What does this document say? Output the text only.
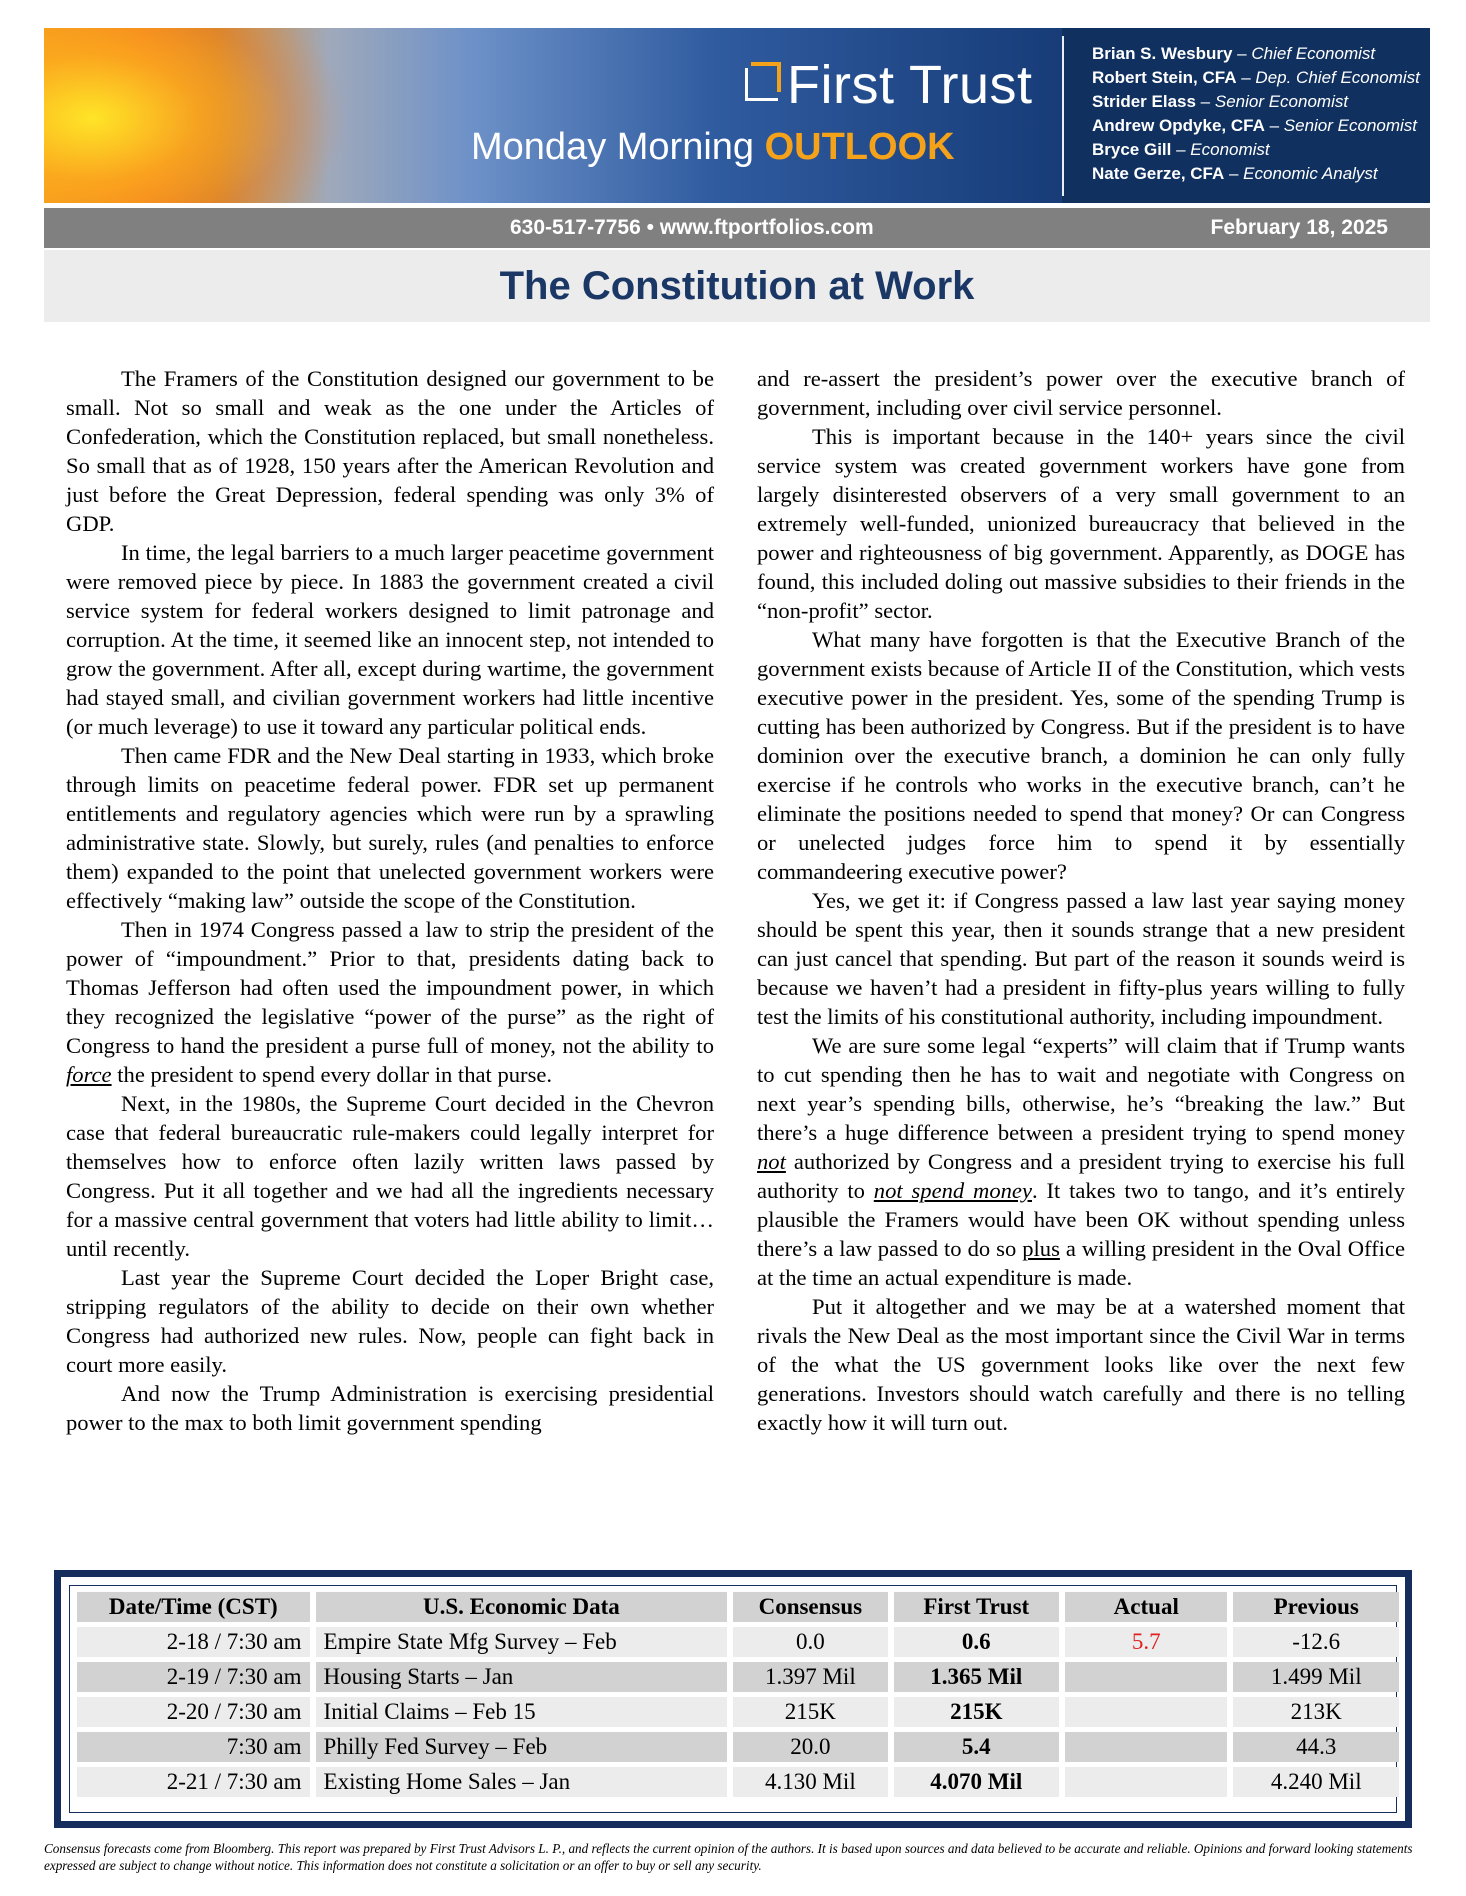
First Trust
Monday Morning OUTLOOK
Brian S. Wesbury – Chief Economist
Robert Stein, CFA – Dep. Chief Economist
Strider Elass – Senior Economist
Andrew Opdyke, CFA – Senior Economist
Bryce Gill – Economist
Nate Gerze, CFA – Economic Analyst
630-517-7756 • www.ftportfolios.com	February 18, 2025
The Constitution at Work

The Framers of the Constitution designed our government to be small. Not so small and weak as the one under the Articles of Confederation, which the Constitution replaced, but small nonetheless. So small that as of 1928, 150 years after the American Revolution and just before the Great Depression, federal spending was only 3% of GDP.

In time, the legal barriers to a much larger peacetime government were removed piece by piece. In 1883 the government created a civil service system for federal workers designed to limit patronage and corruption. At the time, it seemed like an innocent step, not intended to grow the government. After all, except during wartime, the government had stayed small, and civilian government workers had little incentive (or much leverage) to use it toward any particular political ends.

Then came FDR and the New Deal starting in 1933, which broke through limits on peacetime federal power. FDR set up permanent entitlements and regulatory agencies which were run by a sprawling administrative state. Slowly, but surely, rules (and penalties to enforce them) expanded to the point that unelected government workers were effectively “making law” outside the scope of the Constitution.

Then in 1974 Congress passed a law to strip the president of the power of “impoundment.” Prior to that, presidents dating back to Thomas Jefferson had often used the impoundment power, in which they recognized the legislative “power of the purse” as the right of Congress to hand the president a purse full of money, not the ability to force the president to spend every dollar in that purse.

Next, in the 1980s, the Supreme Court decided in the Chevron case that federal bureaucratic rule-makers could legally interpret for themselves how to enforce often lazily written laws passed by Congress. Put it all together and we had all the ingredients necessary for a massive central government that voters had little ability to limit…until recently.

Last year the Supreme Court decided the Loper Bright case, stripping regulators of the ability to decide on their own whether Congress had authorized new rules. Now, people can fight back in court more easily.

And now the Trump Administration is exercising presidential power to the max to both limit government spending

and re-assert the president’s power over the executive branch of government, including over civil service personnel.

This is important because in the 140+ years since the civil service system was created government workers have gone from largely disinterested observers of a very small government to an extremely well-funded, unionized bureaucracy that believed in the power and righteousness of big government. Apparently, as DOGE has found, this included doling out massive subsidies to their friends in the “non-profit” sector.

What many have forgotten is that the Executive Branch of the government exists because of Article II of the Constitution, which vests executive power in the president. Yes, some of the spending Trump is cutting has been authorized by Congress. But if the president is to have dominion over the executive branch, a dominion he can only fully exercise if he controls who works in the executive branch, can’t he eliminate the positions needed to spend that money? Or can Congress or unelected judges force him to spend it by essentially commandeering executive power?

Yes, we get it: if Congress passed a law last year saying money should be spent this year, then it sounds strange that a new president can just cancel that spending. But part of the reason it sounds weird is because we haven’t had a president in fifty-plus years willing to fully test the limits of his constitutional authority, including impoundment.

We are sure some legal “experts” will claim that if Trump wants to cut spending then he has to wait and negotiate with Congress on next year’s spending bills, otherwise, he’s “breaking the law.” But there’s a huge difference between a president trying to spend money not authorized by Congress and a president trying to exercise his full authority to not spend money. It takes two to tango, and it’s entirely plausible the Framers would have been OK without spending unless there’s a law passed to do so plus a willing president in the Oval Office at the time an actual expenditure is made.

Put it altogether and we may be at a watershed moment that rivals the New Deal as the most important since the Civil War in terms of the what the US government looks like over the next few generations. Investors should watch carefully and there is no telling exactly how it will turn out.

Date/Time (CST)	U.S. Economic Data	Consensus	First Trust	Actual	Previous
2-18 / 7:30 am	Empire State Mfg Survey – Feb	0.0	0.6	5.7	-12.6
2-19 / 7:30 am	Housing Starts – Jan	1.397 Mil	1.365 Mil		1.499 Mil
2-20 / 7:30 am	Initial Claims – Feb 15	215K	215K		213K
7:30 am	Philly Fed Survey – Feb	20.0	5.4		44.3
2-21 / 7:30 am	Existing Home Sales – Jan	4.130 Mil	4.070 Mil		4.240 Mil
Consensus forecasts come from Bloomberg. This report was prepared by First Trust Advisors L. P., and reflects the current opinion of the authors. It is based upon sources and data believed to be accurate and reliable. Opinions and forward looking statements expressed are subject to change without notice. This information does not constitute a solicitation or an offer to buy or sell any security.
